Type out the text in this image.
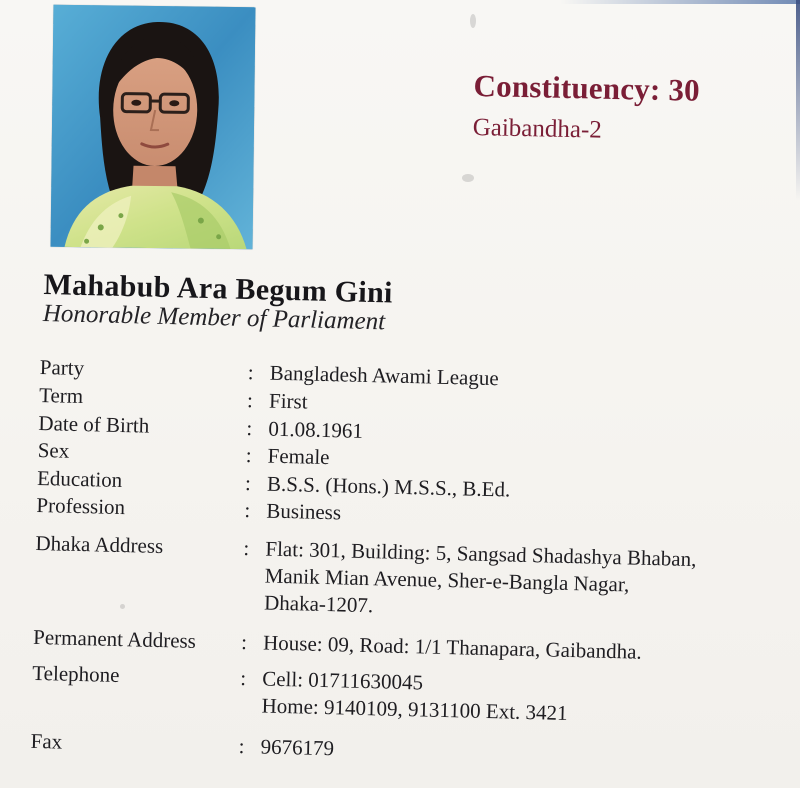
Constituency: 30
Gaibandha-2
Mahabub Ara Begum Gini
Honorable Member of Parliament
Party	: Bangladesh Awami League
Term	: First
Date of Birth	: 01.08.1961
Sex	: Female
Education	: B.S.S. (Hons.) M.S.S., B.Ed.
Profession	: Business
Dhaka Address	: Flat: 301, Building: 5, Sangsad Shadashya Bhaban,
Manik Mian Avenue, Sher-e-Bangla Nagar,
Dhaka-1207.
Permanent Address : House: 09, Road: 1/1 Thanapara, Gaibandha.
Telephone	: Cell: 01711630045
Home: 9140109, 9131100 Ext. 3421
Fax	: 9676179
